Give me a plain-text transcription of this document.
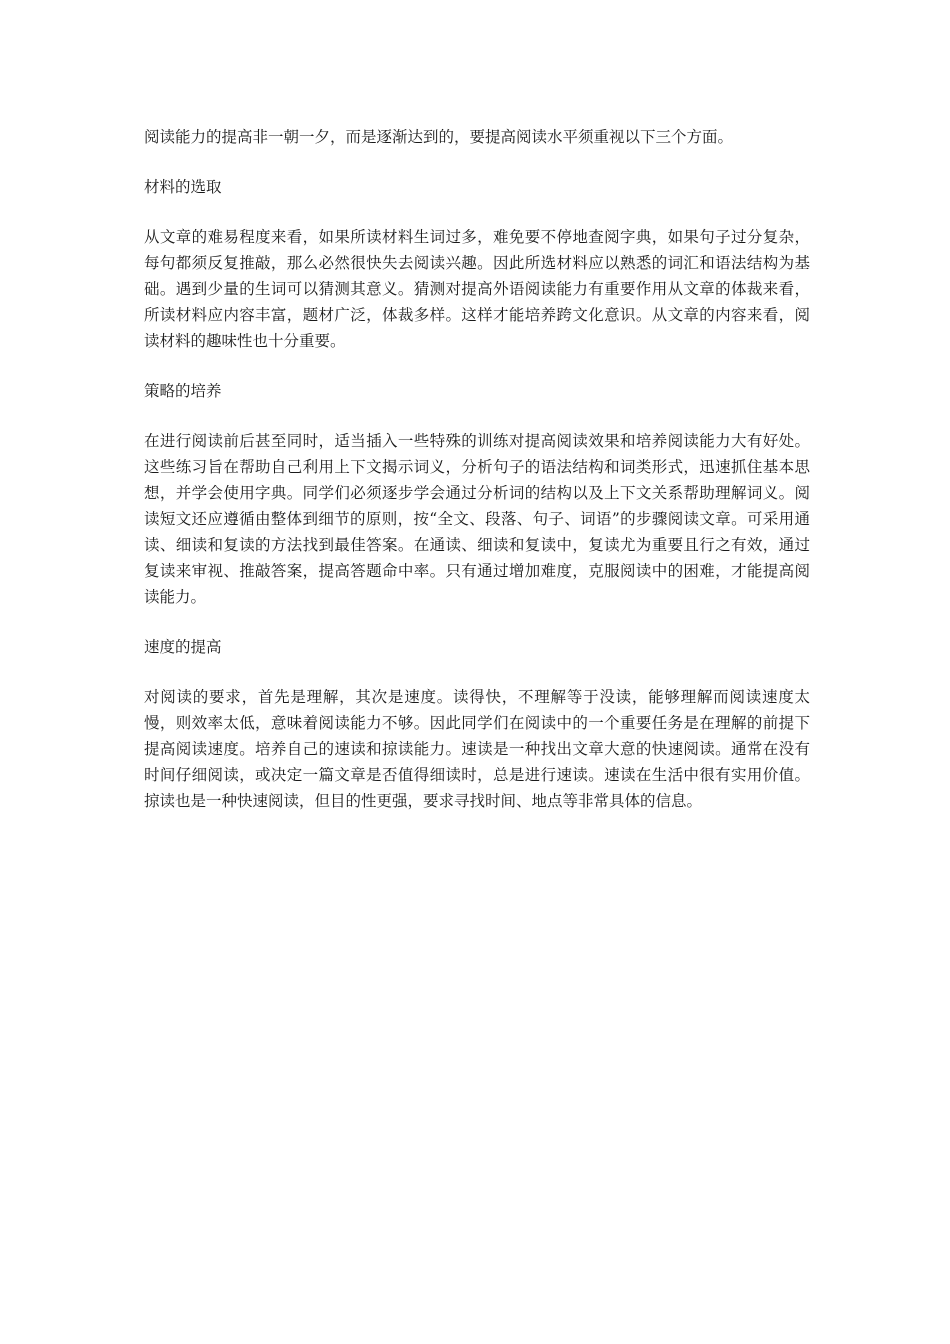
阅读能力的提高非一朝一夕，而是逐渐达到的，要提高阅读水平须重视以下三个方面。

材料的选取

从文章的难易程度来看，如果所读材料生词过多，难免要不停地查阅字典，如果句子过分复杂，每句都须反复推敲，那么必然很快失去阅读兴趣。因此所选材料应以熟悉的词汇和语法结构为基础。遇到少量的生词可以猜测其意义。猜测对提高外语阅读能力有重要作用从文章的体裁来看，所读材料应内容丰富，题材广泛，体裁多样。这样才能培养跨文化意识。从文章的内容来看，阅读材料的趣味性也十分重要。

策略的培养

在进行阅读前后甚至同时，适当插入一些特殊的训练对提高阅读效果和培养阅读能力大有好处。这些练习旨在帮助自己利用上下文揭示词义，分析句子的语法结构和词类形式，迅速抓住基本思想，并学会使用字典。同学们必须逐步学会通过分析词的结构以及上下文关系帮助理解词义。阅读短文还应遵循由整体到细节的原则，按“全文、段落、句子、词语”的步骤阅读文章。可采用通读、细读和复读的方法找到最佳答案。在通读、细读和复读中，复读尤为重要且行之有效，通过复读来审视、推敲答案，提高答题命中率。只有通过增加难度，克服阅读中的困难，才能提高阅读能力。

速度的提高

对阅读的要求，首先是理解，其次是速度。读得快，不理解等于没读，能够理解而阅读速度太慢，则效率太低，意味着阅读能力不够。因此同学们在阅读中的一个重要任务是在理解的前提下提高阅读速度。培养自己的速读和掠读能力。速读是一种找出文章大意的快速阅读。通常在没有时间仔细阅读，或决定一篇文章是否值得细读时，总是进行速读。速读在生活中很有实用价值。掠读也是一种快速阅读，但目的性更强，要求寻找时间、地点等非常具体的信息。
